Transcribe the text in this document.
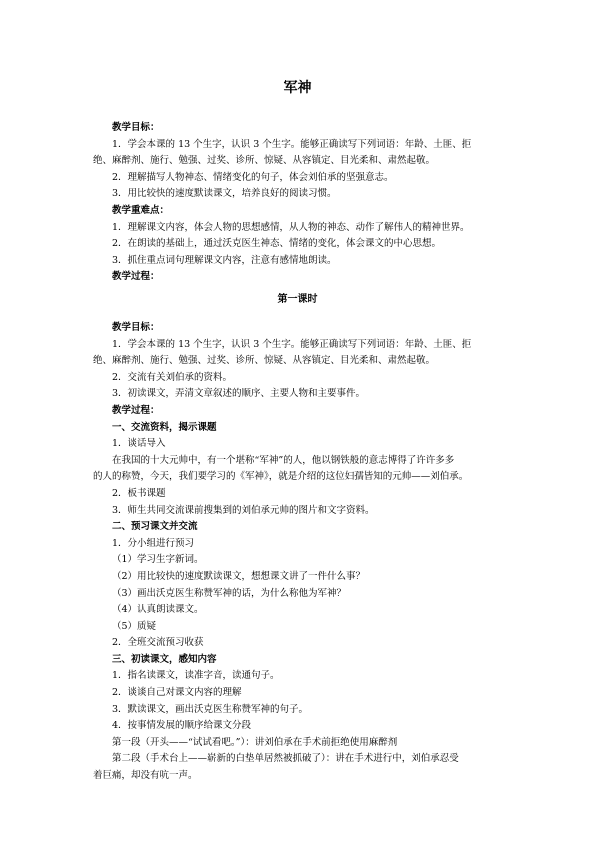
军神

教学目标：

1．学会本课的 13 个生字，认识 3 个生字。能够正确读写下列词语：年龄、土匪、拒

绝、麻醉剂、施行、勉强、过奖、诊所、惊疑、从容镇定、目光柔和、肃然起敬。

2．理解描写人物神态、情绪变化的句子，体会刘伯承的坚强意志。

3．用比较快的速度默读课文，培养良好的阅读习惯。

教学重难点：

1．理解课文内容，体会人物的思想感情，从人物的神态、动作了解伟人的精神世界。

2．在朗读的基础上，通过沃克医生神态、情绪的变化，体会课文的中心思想。

3．抓住重点词句理解课文内容，注意有感情地朗读。

教学过程：

第一课时

教学目标：

1．学会本课的 13 个生字，认识 3 个生字。能够正确读写下列词语：年龄、土匪、拒

绝、麻醉剂、施行、勉强、过奖、诊所、惊疑、从容镇定、目光柔和、肃然起敬。

2．交流有关刘伯承的资料。

3．初读课文，弄清文章叙述的顺序、主要人物和主要事件。

教学过程：

一、交流资料，揭示课题

1．谈话导入

在我国的十大元帅中，有一个堪称“军神”的人，他以钢铁般的意志博得了许许多多

的人的称赞，今天，我们要学习的《军神》，就是介绍的这位妇孺皆知的元帅——刘伯承。

2．板书课题

3．师生共同交流课前搜集到的刘伯承元帅的图片和文字资料。

二、预习课文并交流

1．分小组进行预习

（1）学习生字新词。

（2）用比较快的速度默读课文，想想课文讲了一件什么事？

（3）画出沃克医生称赞军神的话，为什么称他为军神？

（4）认真朗读课文。

（5）质疑

2．全班交流预习收获

三、初读课文，感知内容

1．指名读课文，读准字音，读通句子。

2．谈谈自己对课文内容的理解

3．默读课文，画出沃克医生称赞军神的句子。

4．按事情发展的顺序给课文分段

第一段（开头——“试试看吧。”）：讲刘伯承在手术前拒绝使用麻醉剂

第二段（手术台上——崭新的白垫单居然被抓破了）：讲在手术进行中，刘伯承忍受

着巨痛，却没有吭一声。
